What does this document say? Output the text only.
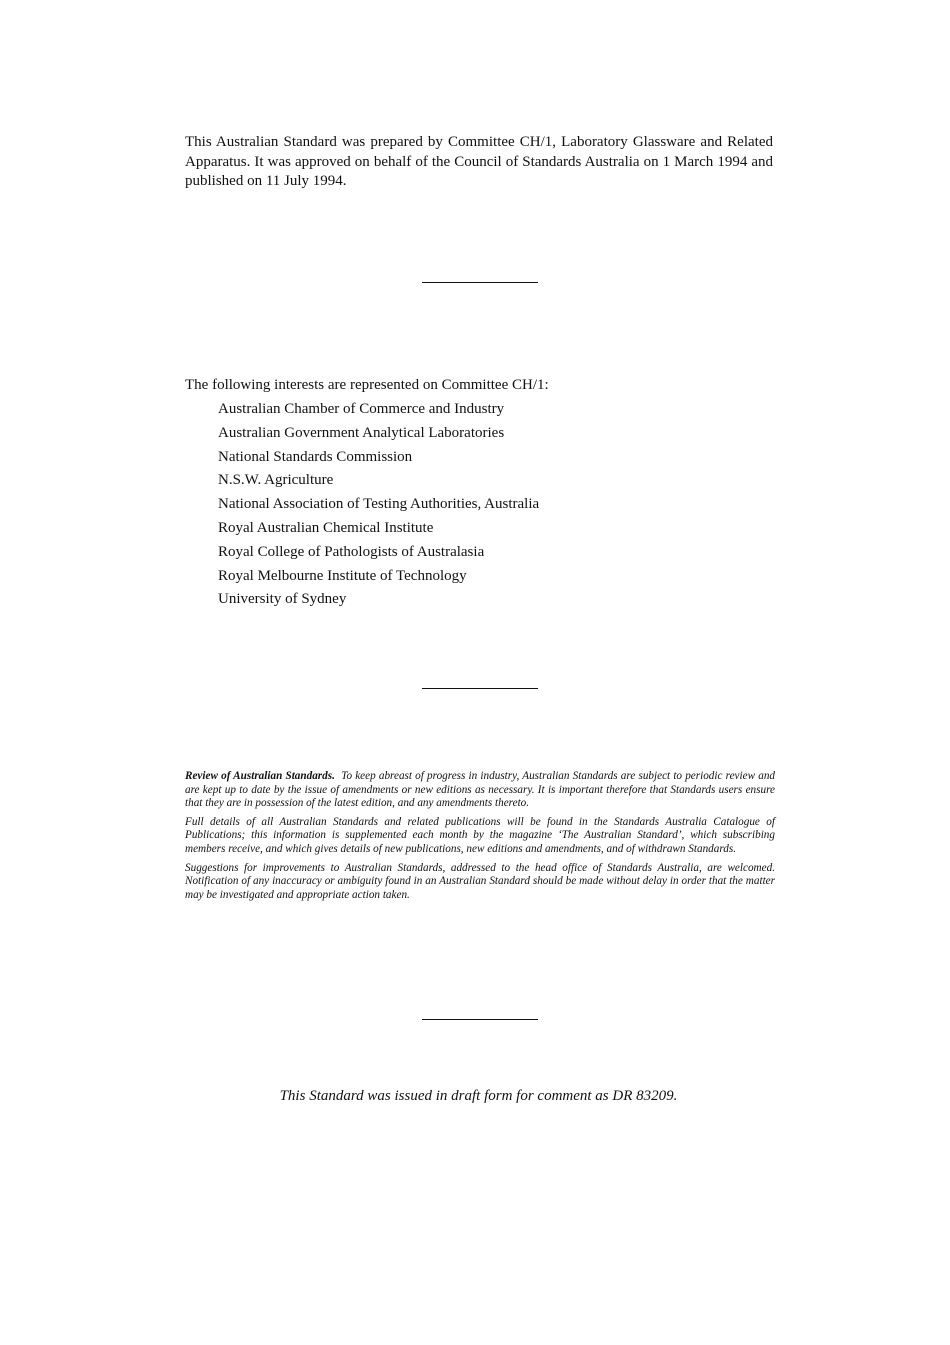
This Australian Standard was prepared by Committee CH/1, Laboratory Glassware and Related Apparatus. It was approved on behalf of the Council of Standards Australia on 1 March 1994 and published on 11 July 1994.

The following interests are represented on Committee CH/1:

Australian Chamber of Commerce and Industry
Australian Government Analytical Laboratories
National Standards Commission
N.S.W. Agriculture
National Association of Testing Authorities, Australia
Royal Australian Chemical Institute
Royal College of Pathologists of Australasia
Royal Melbourne Institute of Technology
University of Sydney

Review of Australian Standards. To keep abreast of progress in industry, Australian Standards are subject to periodic review and are kept up to date by the issue of amendments or new editions as necessary. It is important therefore that Standards users ensure that they are in possession of the latest edition, and any amendments thereto.

Full details of all Australian Standards and related publications will be found in the Standards Australia Catalogue of Publications; this information is supplemented each month by the magazine ‘The Australian Standard’, which subscribing members receive, and which gives details of new publications, new editions and amendments, and of withdrawn Standards.

Suggestions for improvements to Australian Standards, addressed to the head office of Standards Australia, are welcomed. Notification of any inaccuracy or ambiguity found in an Australian Standard should be made without delay in order that the matter may be investigated and appropriate action taken.

This Standard was issued in draft form for comment as DR 83209.
